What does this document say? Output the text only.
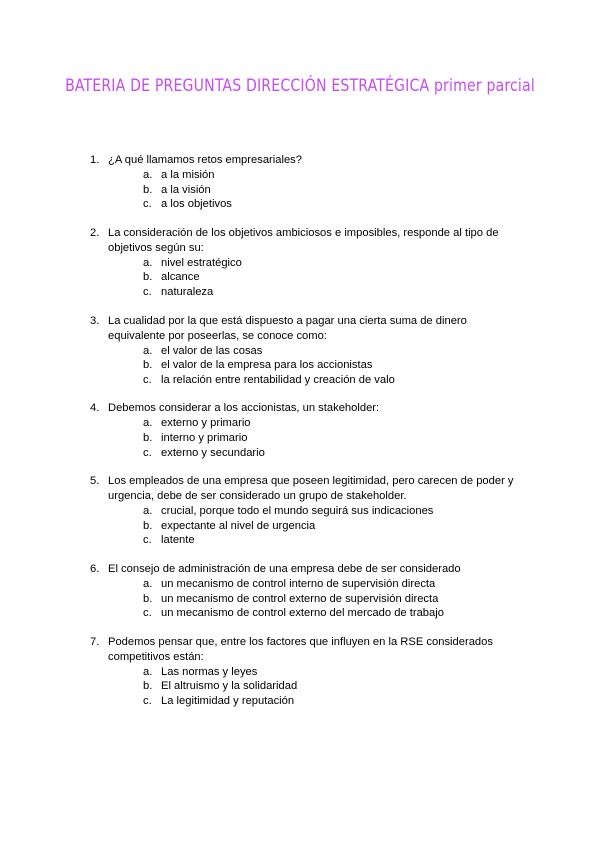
BATERIA DE PREGUNTAS DIRECCIÓN ESTRATÉGICA primer parcial
1. ¿A qué llamamos retos empresariales?
a. a la misión
b. a la visión
c. a los objetivos
2. La consideración de los objetivos ambiciosos e imposibles, responde al tipo de objetivos según su:
a. nivel estratégico
b. alcance
c. naturaleza
3. La cualidad por la que está dispuesto a pagar una cierta suma de dinero equivalente por poseerlas, se conoce como:
a. el valor de las cosas
b. el valor de la empresa para los accionistas
c. la relación entre rentabilidad y creación de valo
4. Debemos considerar a los accionistas, un stakeholder:
a. externo y primario
b. interno y primario
c. externo y secundario
5. Los empleados de una empresa que poseen legitimidad, pero carecen de poder y urgencia, debe de ser considerado un grupo de stakeholder.
a. crucial, porque todo el mundo seguirá sus indicaciones
b. expectante al nivel de urgencia
c. latente
6. El consejo de administración de una empresa debe de ser considerado
a. un mecanismo de control interno de supervisión directa
b. un mecanismo de control externo de supervisión directa
c. un mecanismo de control externo del mercado de trabajo
7. Podemos pensar que, entre los factores que influyen en la RSE considerados competitivos están:
a. Las normas y leyes
b. El altruismo y la solidaridad
c. La legitimidad y reputación
